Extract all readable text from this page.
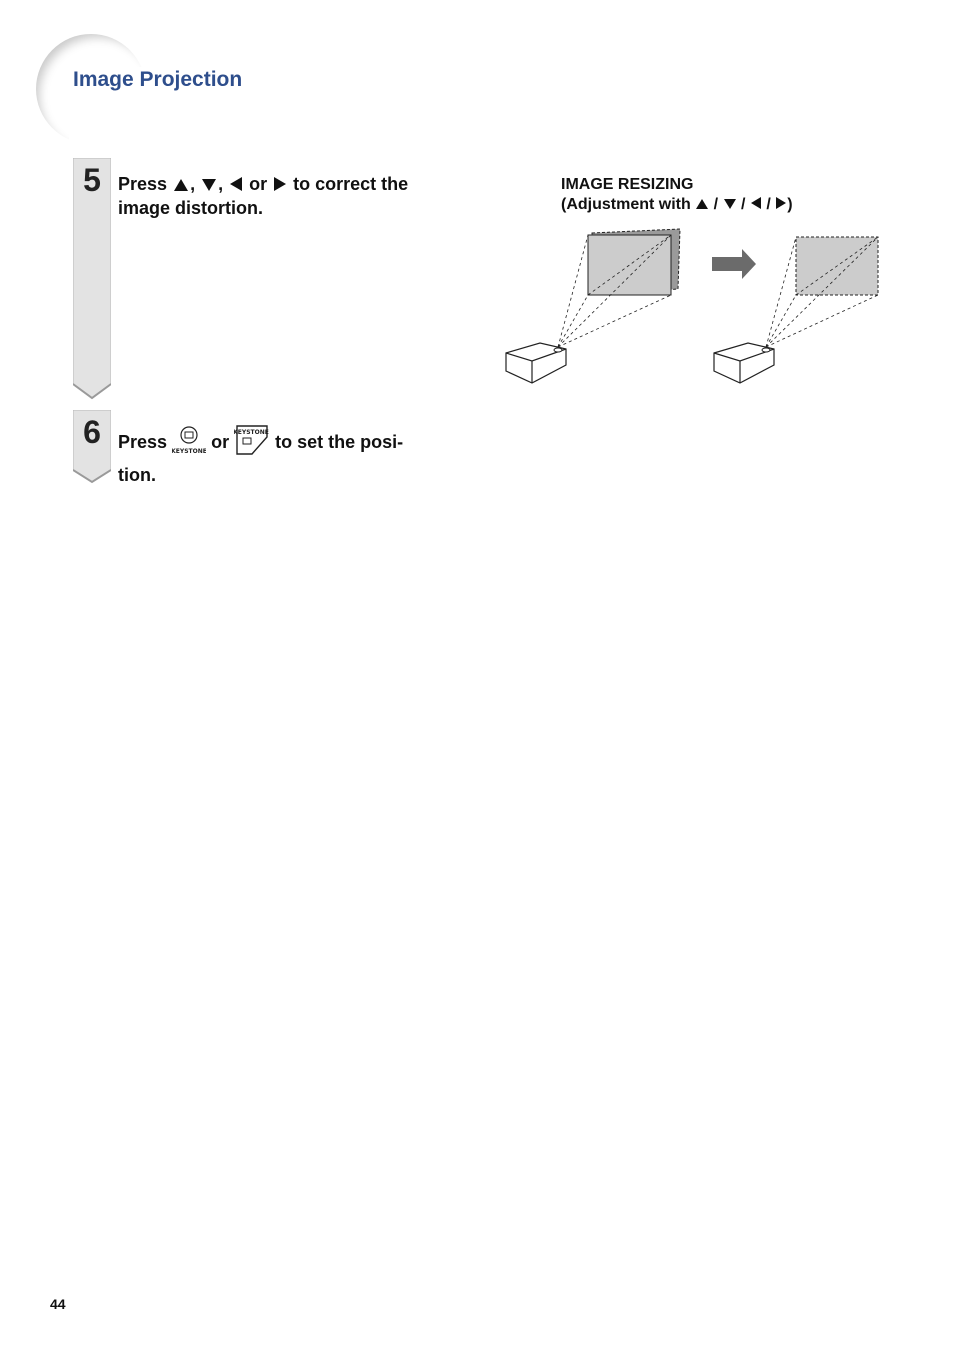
Image Projection
5 Press , ,  or to correct the image distortion.
6 Press KEYSTONE or KEYSTONE to set the posi-tion.
IMAGE RESIZING
(Adjustment with / / / )
44
